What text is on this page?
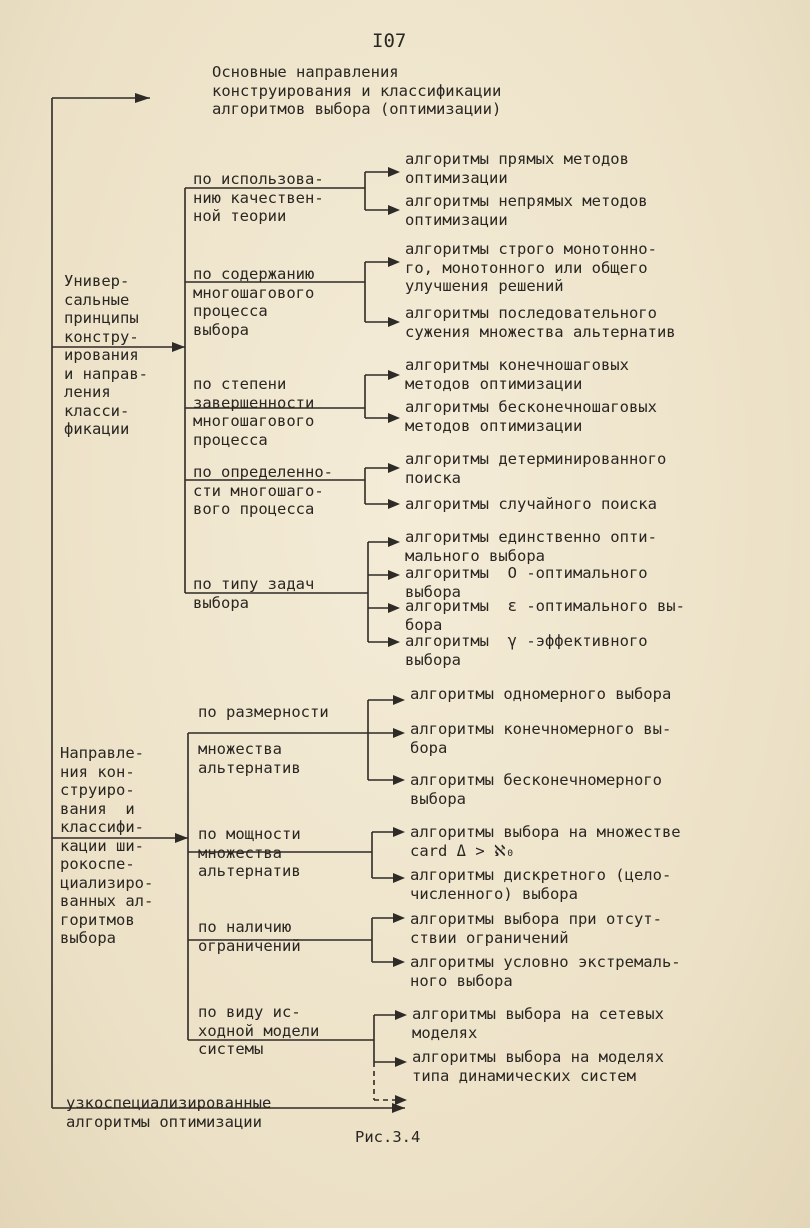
I07
Основные направления
конструирования и классификации
алгоритмов выбора (оптимизации)
Универ-
сальные
принципы
констру-
ирования
и направ-
ления
класси-
фикации
по использова-
нию качествен-
ной теории
по содержанию
многошагового
процесса
выбора
по степени
завершенности
многошагового
процесса
по определенно-
сти многошаго-
вого процесса
по типу задач
выбора
алгоритмы прямых методов
оптимизации
алгоритмы непрямых методов
оптимизации
алгоритмы строго монотонно-
го, монотонного или общего
улучшения решений
алгоритмы последовательного
сужения множества альтернатив
алгоритмы конечношаговых
методов оптимизации
алгоритмы бесконечношаговых
методов оптимизации
алгоритмы детерминированного
поиска
алгоритмы случайного поиска
алгоритмы единственно опти-
мального выбора
алгоритмы  O -оптимального
выбора
алгоритмы  ε -оптимального вы-
бора
алгоритмы  γ -эффективного
выбора
Направле-
ния кон-
струиро-
вания  и
классифи-
кации ши-
рокоспе-
циализиро-
ванных ал-
горитмов
выбора
по размерности

множества
альтернатив
по мощности
множества
альтернатив
по наличию
ограничений
по виду ис-
ходной модели
системы
алгоритмы одномерного выбора
алгоритмы конечномерного вы-
бора
алгоритмы бесконечномерного
выбора
алгоритмы выбора на множестве
card Δ > ℵ₀
алгоритмы дискретного (цело-
численного) выбора
алгоритмы выбора при отсут-
ствии ограничений
алгоритмы условно экстремаль-
ного выбора
алгоритмы выбора на сетевых
моделях
алгоритмы выбора на моделях
типа динамических систем
узкоспециализированные
алгоритмы оптимизации
Рис.3.4
